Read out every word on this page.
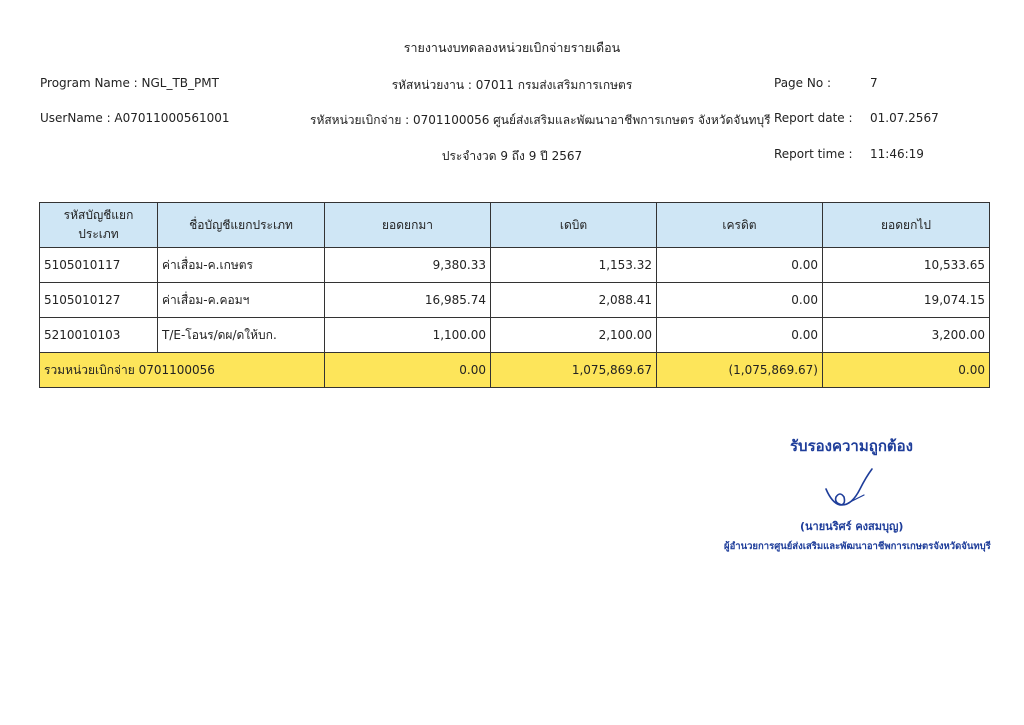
รายงานงบทดลองหน่วยเบิกจ่ายรายเดือน
Program Name : NGL_TB_PMT	รหัสหน่วยงาน : 07011 กรมส่งเสริมการเกษตร	Page No :	7
UserName : A07011000561001	รหัสหน่วยเบิกจ่าย : 0701100056 ศูนย์ส่งเสริมและพัฒนาอาชีพการเกษตร จังหวัดจันทบุรี Report date : 01.07.2567
ประจำงวด 9 ถึง 9 ปี 2567	Report time : 11:46:19
รหัสบัญชีแยกประเภท	ชื่อบัญชีแยกประเภท	ยอดยกมา	เดบิต	เครดิต	ยอดยกไป
5105010117	ค่าเสื่อม-ค.เกษตร	9,380.33	1,153.32	0.00	10,533.65
5105010127	ค่าเสื่อม-ค.คอมฯ	16,985.74	2,088.41	0.00	19,074.15
5210010103	T/E-โอนร/ดผ/ดให้บก.	1,100.00	2,100.00	0.00	3,200.00
รวมหน่วยเบิกจ่าย 0701100056		0.00	1,075,869.67	(1,075,869.67)	0.00
รับรองความถูกต้อง
(นายนริศร์ คงสมบุญ)
ผู้อำนวยการศูนย์ส่งเสริมและพัฒนาอาชีพการเกษตรจังหวัดจันทบุรี
